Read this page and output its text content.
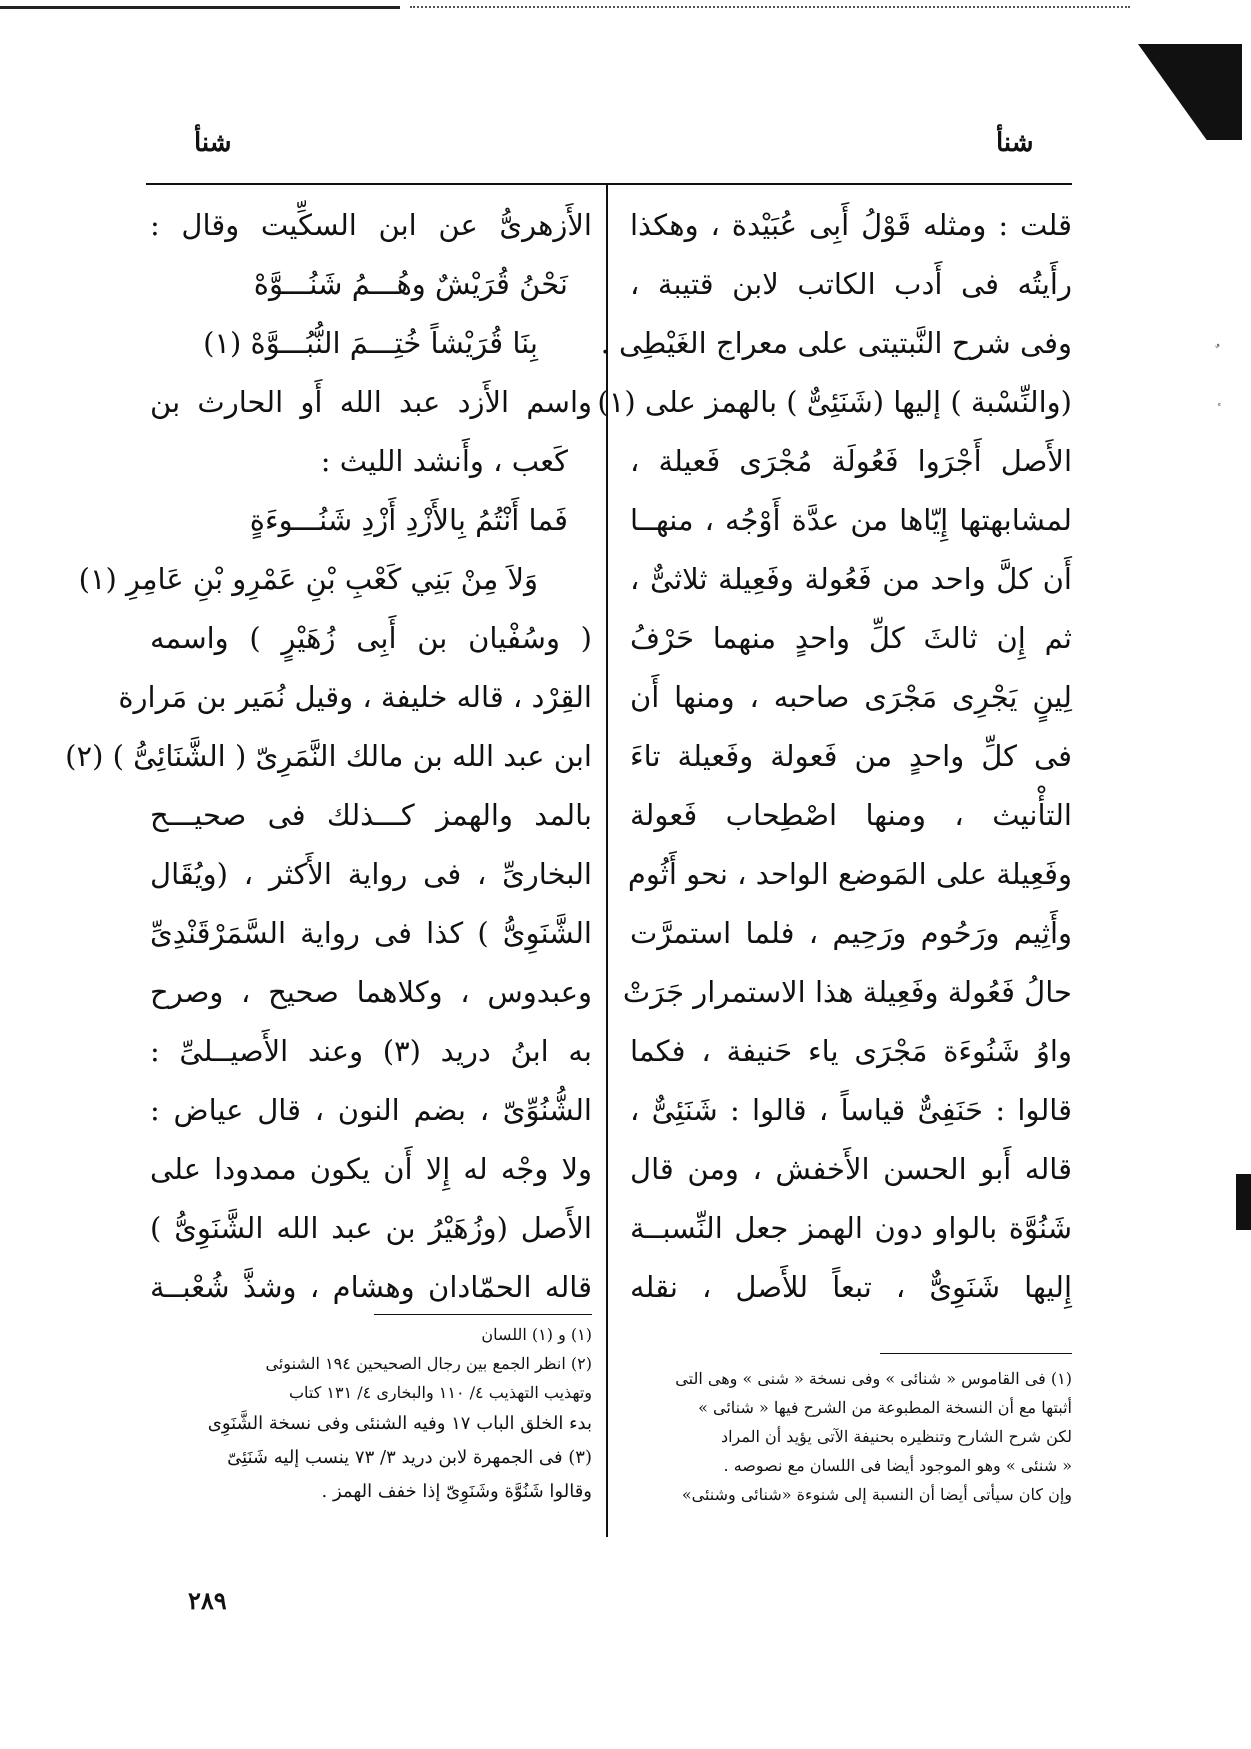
شنأ	شنأ
قلت : ومثله قَوْلُ أَبِى عُبَيْدة ، وهكذا
رأَيتُه فى أَدب الكاتب لابن قتيبة ،
وفى شرح النَّبتيتى على معراج الغَيْطِى .
(والنِّسْبة ) إليها (شَنَئِىٌّ ) بالهمز على (١)
الأَصل أَجْرَوا فَعُولَة مُجْرَى فَعيلة ،
لمشابهتها إِيّاها من عدَّة أَوْجُه ، منهــا
أَن كلَّ واحد من فَعُولة وفَعِيلة ثلاثىٌّ ،
ثم إِن ثالثَ كلِّ واحدٍ منهما حَرْفُ
لِينٍ يَجْرِى مَجْرَى صاحبه ، ومنها أَن
فى كلِّ واحدٍ من فَعولة وفَعيلة تاءَ
التأْنيث ، ومنها اصْطِحاب فَعولة
وفَعِيلة على المَوضع الواحد ، نحو أَثُوم
وأَثِيم ورَحُوم ورَحِيم ، فلما استمرَّت
حالُ فَعُولة وفَعِيلة هذا الاستمرار جَرَتْ
واوُ شَنُوءَة مَجْرَى ياء حَنيفة ، فكما
قالوا : حَنَفِىٌّ قياساً ، قالوا : شَنَئِىٌّ ،
قاله أَبو الحسن الأَخفش ، ومن قال
شَنُوَّة بالواو دون الهمز جعل النِّسبــة
إِليها شَنَوِىٌّ ، تبعاً للأَصل ، نقله
الأَزهرىُّ عن ابن السكِّيت وقال :
نَحْنُ قُرَيْشٌ وهُـــمُ شَنُـــوَّهْ
بِنَا قُرَيْشاً خُتِـــمَ النُّبُـــوَّهْ (١)
واسم الأَزد عبد الله أَو الحارث بن
كَعب ، وأَنشد الليث :
فَما أَنْتُمُ بِالأَزْدِ أَزْدِ شَنُـــوءَةٍ
وَلاَ مِنْ بَنِي كَعْبِ بْنِ عَمْرِو بْنِ عَامِرِ (١)
( وسُفْيان بن أَبِى زُهَيْرٍ ) واسمه
القِرْد ، قاله خليفة ، وقيل نُمَير بن مَرارة
ابن عبد الله بن مالك النَّمَرِىّ ( الشَّنَائِىُّ ) (٢)
بالمد والهمز كـــذلك فى صحيـــح
البخارىِّ ، فى رواية الأَكثر ، (ويُقَال
الشَّنَوِىُّ ) كذا فى رواية السَّمَرْقَنْدِىِّ
وعبدوس ، وكلاهما صحيح ، وصرح
به ابنُ دريد (٣) وعند الأَصيــلىِّ :
الشُّنُوِّىّ ، بضم النون ، قال عياض :
ولا وجْه له إِلا أَن يكون ممدودا على
الأَصل (وزُهَيْرُ بن عبد الله الشَّنَوِىُّ )
قاله الحمّادان وهشام ، وشذَّ شُعْبــة
(١) فى القاموس « شنائى » وفى نسخة « شنى » وهى التى
أثبتها مع أن النسخة المطبوعة من الشرح فيها « شنائى »
لكن شرح الشارح وتنظيره بحنيفة الآتى يؤيد أن المراد
« شنئى » وهو الموجود أيضا فى اللسان مع نصوصه .
وإن كان سيأتى أيضا أن النسبة إلى شنوءة «شنائى وشنئى»
(١) و (١) اللسان
(٢) انظر الجمع بين رجال الصحيحين ١٩٤ الشنوئى
وتهذيب التهذيب ٤/ ١١٠ والبخارى ٤/ ١٣١ كتاب
بدء الخلق الباب ١٧ وفيه الشنئى وفى نسخة الشَّنَوِى
(٣) فى الجمهرة لابن دريد ٣/ ٧٣ ينسب إليه شَنَئِىّ
وقالوا شَنُوَّة وشَنَوِىّ إذا خفف الهمز .
٢٨٩
